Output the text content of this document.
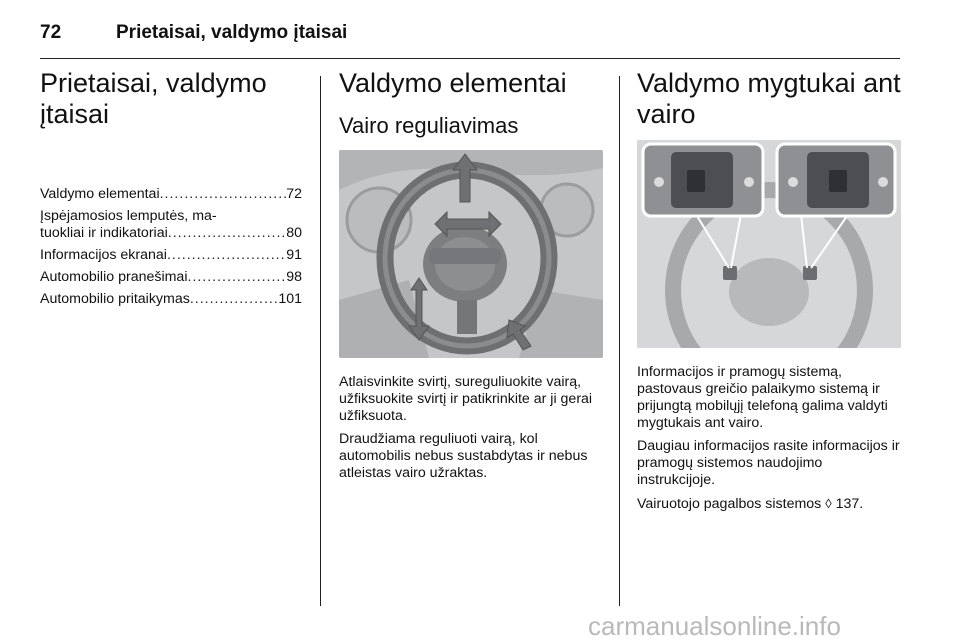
72	Prietaisai, valdymo įtaisai
Prietaisai, valdymo įtaisai
Valdymo elementai .....	72
Įspėjamosios lemputės, ma-
tuokliai ir indikatoriai .....	80
Informacijos ekranai .....	91
Automobilio pranešimai .....	98
Automobilio pritaikymas .....	101
Valdymo elementai
Vairo reguliavimas

Atlaisvinkite svirtį, sureguliuokite vairą, užfiksuokite svirtį ir patikrinkite ar ji gerai užfiksuota.

Draudžiama reguliuoti vairą, kol automobilis nebus sustabdytas ir nebus atleistas vairo užraktas.

Valdymo mygtukai ant vairo

Informacijos ir pramogų sistemą, pastovaus greičio palaikymo sistemą ir prijungtą mobilųjį telefoną galima valdyti mygtukais ant vairo.

Daugiau informacijos rasite informacijos ir pramogų sistemos naudojimo instrukcijoje.

Vairuotojo pagalbos sistemos ◊ 137.

carmanualsonline.info
